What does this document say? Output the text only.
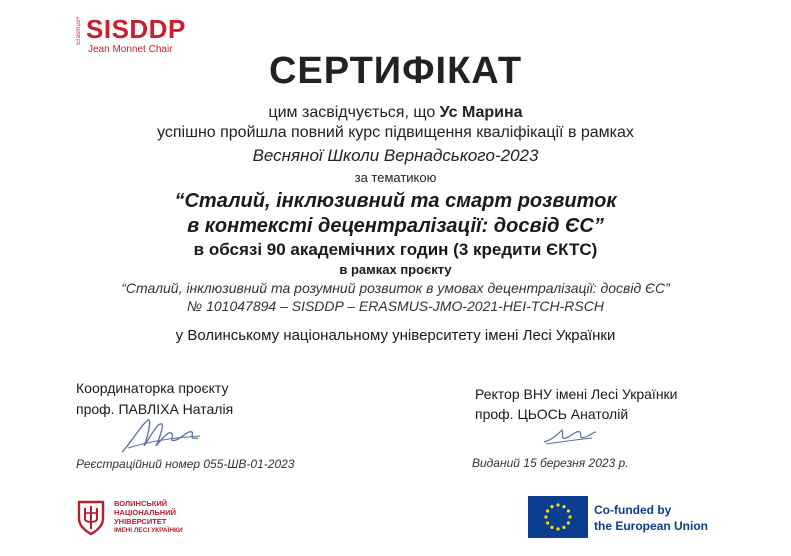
Erasmus+ SISDDP
Jean Monnet Chair
СЕРТИФІКАТ
цим засвідчується, що Ус Марина
успішно пройшла повний курс підвищення кваліфікації в рамках
Весняної Школи Вернадського-2023
за тематикою
“Сталий, інклюзивний та смарт розвиток
в контексті децентралізації: досвід ЄС”
в обсязі 90 академічних годин (3 кредити ЄКТС)
в рамках проєкту
“Сталий, інклюзивний та розумний розвиток в умовах децентралізації: досвід ЄС”
№ 101047894 – SISDDP – ERASMUS-JMO-2021-HEI-TCH-RSCH
у Волинському національному університету імені Лесі Українки
Координаторка проєкту
проф. ПАВЛІХА Наталія
Ректор ВНУ імені Лесі Українки
проф. ЦЬОСЬ Анатолій
Реєстраційний номер 055-ШВ-01-2023	Виданий 15 березня 2023 р.
ВОЛИНСЬКИЙ
НАЦІОНАЛЬНИЙ
УНІВЕРСИТЕТ
ІМЕНІ ЛЕСІ УКРАЇНКИ
Co-funded by
the European Union
